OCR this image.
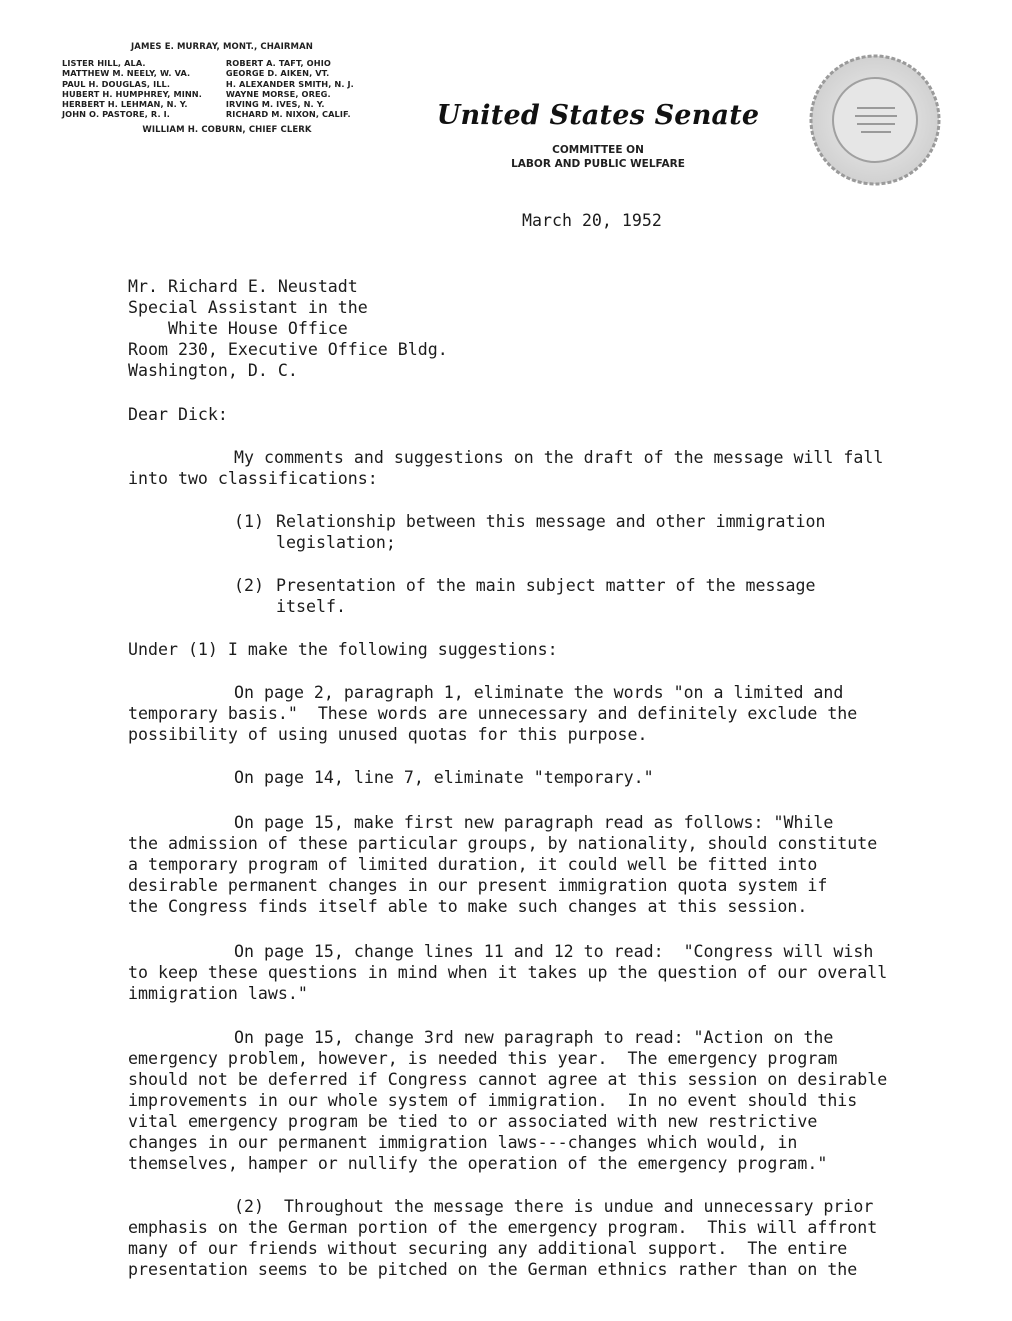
JAMES E. MURRAY, MONT., CHAIRMAN
LISTER HILL, ALA.
MATTHEW M. NEELY, W. VA.
PAUL H. DOUGLAS, ILL.
HUBERT H. HUMPHREY, MINN.
HERBERT H. LEHMAN, N. Y.
JOHN O. PASTORE, R. I.
ROBERT A. TAFT, OHIO
GEORGE D. AIKEN, VT.
H. ALEXANDER SMITH, N. J.
WAYNE MORSE, OREG.
IRVING M. IVES, N. Y.
RICHARD M. NIXON, CALIF.
WILLIAM H. COBURN, CHIEF CLERK	United States Senate
COMMITTEE ON
LABOR AND PUBLIC WELFARE
March 20, 1952
Mr. Richard E. Neustadt
Special Assistant in the
White House Office
Room 230, Executive Office Bldg.
Washington, D. C.
Dear Dick:
My comments and suggestions on the draft of the message will fall
into two classifications:
(1) Relationship between this message and other immigration
legislation;
(2) Presentation of the main subject matter of the message
itself.
Under (1) I make the following suggestions:
On page 2, paragraph 1, eliminate the words "on a limited and
temporary basis."  These words are unnecessary and definitely exclude the
possibility of using unused quotas for this purpose.
On page 14, line 7, eliminate "temporary."
On page 15, make first new paragraph read as follows: "While
the admission of these particular groups, by nationality, should constitute
a temporary program of limited duration, it could well be fitted into
desirable permanent changes in our present immigration quota system if
the Congress finds itself able to make such changes at this session.
On page 15, change lines 11 and 12 to read:  "Congress will wish
to keep these questions in mind when it takes up the question of our overall
immigration laws."
On page 15, change 3rd new paragraph to read: "Action on the
emergency problem, however, is needed this year.  The emergency program
should not be deferred if Congress cannot agree at this session on desirable
improvements in our whole system of immigration.  In no event should this
vital emergency program be tied to or associated with new restrictive
changes in our permanent immigration laws---changes which would, in
themselves, hamper or nullify the operation of the emergency program."
(2)  Throughout the message there is undue and unnecessary prior
emphasis on the German portion of the emergency program.  This will affront
many of our friends without securing any additional support.  The entire
presentation seems to be pitched on the German ethnics rather than on the
